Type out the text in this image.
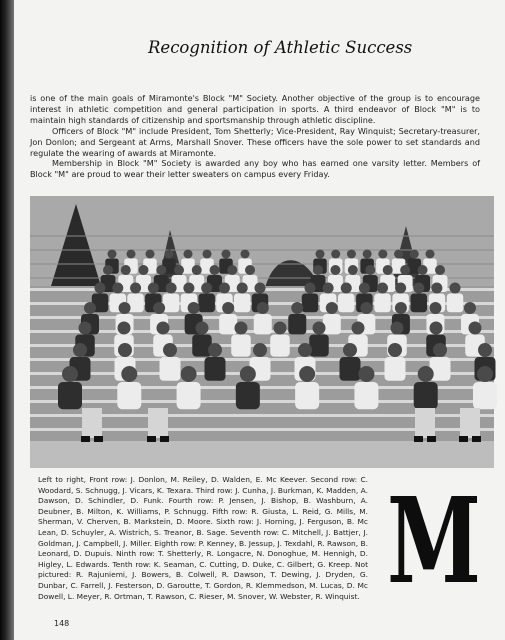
Recognition of Athletic Success

is one of the main goals of Miramonte's Block "M" Society. Another objective of the group is to encourage interest in athletic competition and general participation in sports. A third endeavor of Block "M" is to maintain high standards of citizenship and sportsmanship through athletic discipline.

Officers of Block "M" include President, Tom Shetterly; Vice-President, Ray Winquist; Secretary-treasurer, Jon Donlon; and Sergeant at Arms, Marshall Snover. These officers have the sole power to set standards and regulate the wearing of awards at Miramonte.

Membership in Block "M" Society is awarded any boy who has earned one varsity letter. Members of Block "M" are proud to wear their letter sweaters on campus every Friday.

Left to right, Front row: J. Donlon, M. Reiley, D. Walden, E. Mc Keever. Second row: C. Woodard, S. Schnugg, J. Vicars, K. Texara. Third row: J. Cunha, J. Burkman, K. Madden, A. Dawson, D. Schindler, D. Funk. Fourth row: P. Jensen, J. Bishop, B. Washburn, A. Deubner, B. Milton, K. Williams, P. Schnugg. Fifth row: R. Giusta, L. Reid, G. Mills, M. Sherman, V. Cherven, B. Markstein, D. Moore. Sixth row: J. Horning, J. Ferguson, B. Mc Lean, D. Schuyler, A. Wistrich, S. Treanor, B. Sage. Seventh row: C. Mitchell, J. Battjer, J. Goldman, J. Campbell, J. Miller. Eighth row: P. Kenney, B. Jessup, J. Texdahl, R. Rawson, B. Leonard, D. Dupuis. Ninth row: T. Shetterly, R. Longacre, N. Donoghue, M. Hennigh, D. Higley, L. Edwards. Tenth row: K. Seaman, C. Cutting, D. Duke, C. Gilbert, G. Kreep. Not pictured: R. Rajuniemi, J. Bowers, B. Colwell, R. Dawson, T. Dewing, J. Dryden, G. Dunbar, C. Farrell, J. Festerson, D. Garoutte, T. Gordon, R. Klemmedson, M. Lucas, D. Mc Dowell, L. Meyer, R. Ortman, T. Rawson, C. Rieser, M. Snover, W. Webster, R. Winquist.

148
M
